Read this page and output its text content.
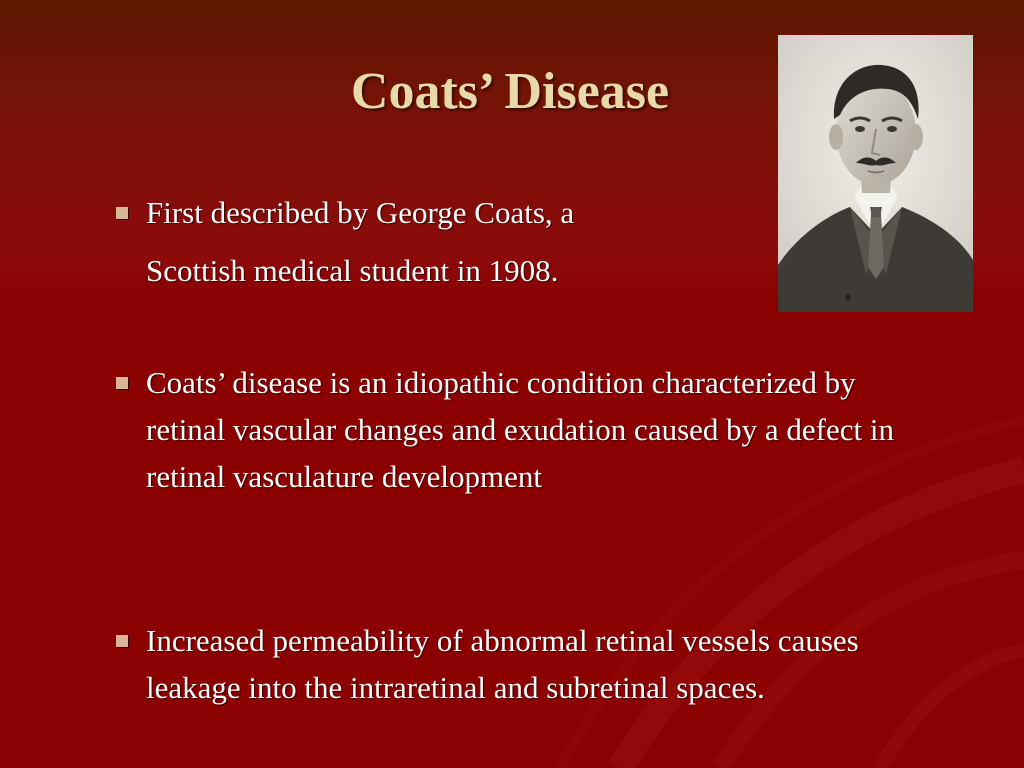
Coats’ Disease
First described by George Coats, a
Scottish medical student in 1908.
Coats’ disease is an idiopathic condition characterized by retinal vascular changes and exudation caused by a defect in retinal vasculature development
Increased permeability of abnormal retinal vessels causes leakage into the intraretinal and subretinal spaces.
